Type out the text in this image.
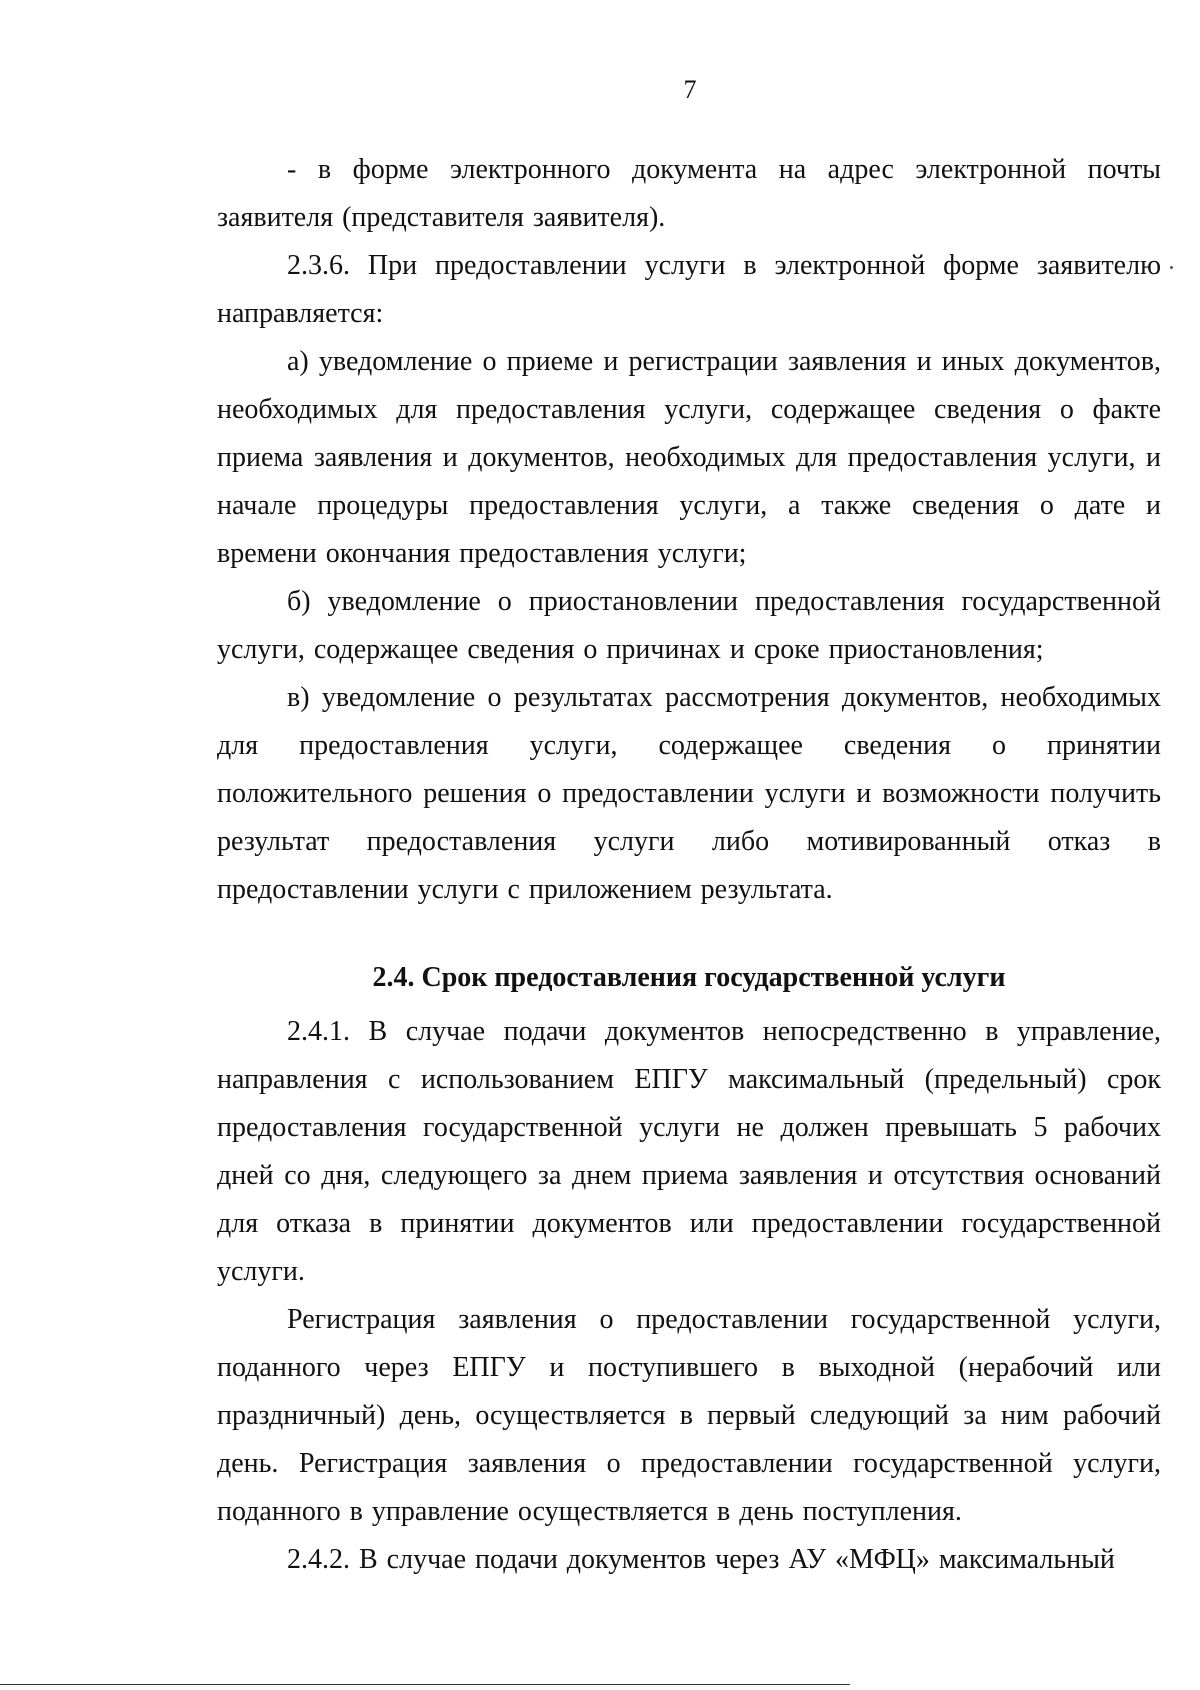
7

- в форме электронного документа на адрес электронной почты заявителя (представителя заявителя).

2.3.6. При предоставлении услуги в электронной форме заявителю направляется:

а) уведомление о приеме и регистрации заявления и иных документов, необходимых для предоставления услуги, содержащее сведения о факте приема заявления и документов, необходимых для предоставления услуги, и начале процедуры предоставления услуги, а также сведения о дате и времени окончания предоставления услуги;

б) уведомление о приостановлении предоставления государственной услуги, содержащее сведения о причинах и сроке приостановления;

в) уведомление о результатах рассмотрения документов, необходимых для предоставления услуги, содержащее сведения о принятии положительного решения о предоставлении услуги и возможности получить результат предоставления услуги либо мотивированный отказ в предоставлении услуги с приложением результата.

2.4. Срок предоставления государственной услуги

2.4.1. В случае подачи документов непосредственно в управление, направления с использованием ЕПГУ максимальный (предельный) срок предоставления государственной услуги не должен превышать 5 рабочих дней со дня, следующего за днем приема заявления и отсутствия оснований для отказа в принятии документов или предоставлении государственной услуги.

Регистрация заявления о предоставлении государственной услуги, поданного через ЕПГУ и поступившего в выходной (нерабочий или праздничный) день, осуществляется в первый следующий за ним рабочий день. Регистрация заявления о предоставлении государственной услуги, поданного в управление осуществляется в день поступления.

2.4.2. В случае подачи документов через АУ «МФЦ» максимальный
